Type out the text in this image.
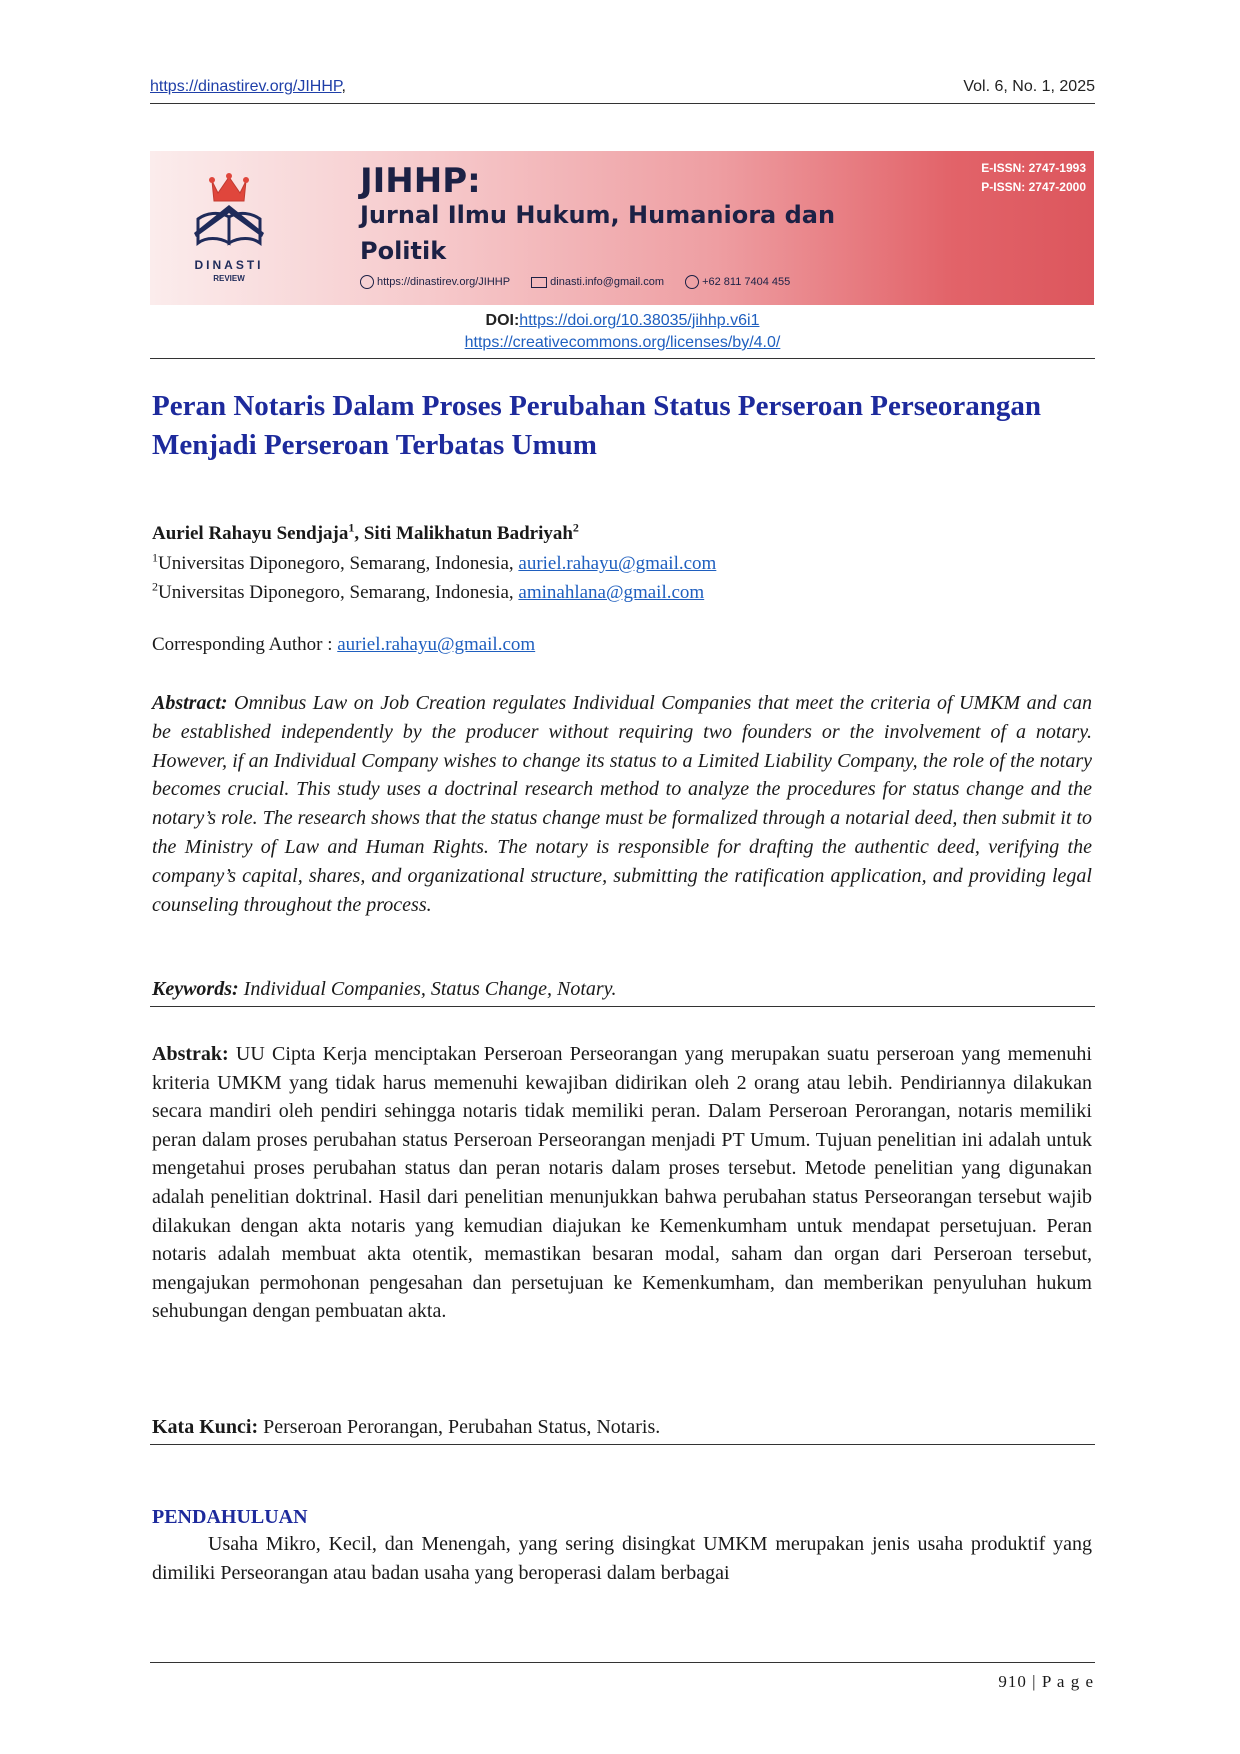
https://dinastirev.org/JIHHP,	Vol. 6, No. 1, 2025
DINASTI
REVIEW
JIHHP:
Jurnal Ilmu Hukum, Humaniora dan Politik
E-ISSN: 2747-1993
P-ISSN: 2747-2000
https://dinastirev.org/JIHHP	dinasti.info@gmail.com	+62 811 7404 455
DOI:https://doi.org/10.38035/jihhp.v6i1
https://creativecommons.org/licenses/by/4.0/
Peran Notaris Dalam Proses Perubahan Status Perseroan Perseorangan Menjadi Perseroan Terbatas Umum
Auriel Rahayu Sendjaja$^1$, Siti Malikhatun Badriyah$^2$
$^1$Universitas Diponegoro, Semarang, Indonesia, auriel.rahayu@gmail.com
$^2$Universitas Diponegoro, Semarang, Indonesia, aminahlana@gmail.com
Corresponding Author : auriel.rahayu@gmail.com

Abstract: Omnibus Law on Job Creation regulates Individual Companies that meet the criteria of UMKM and can be established independently by the producer without requiring two founders or the involvement of a notary. However, if an Individual Company wishes to change its status to a Limited Liability Company, the role of the notary becomes crucial. This study uses a doctrinal research method to analyze the procedures for status change and the notary’s role. The research shows that the status change must be formalized through a notarial deed, then submit it to the Ministry of Law and Human Rights. The notary is responsible for drafting the authentic deed, verifying the company’s capital, shares, and organizational structure, submitting the ratification application, and providing legal counseling throughout the process.

Keywords: Individual Companies, Status Change, Notary.

Abstrak: UU Cipta Kerja menciptakan Perseroan Perseorangan yang merupakan suatu perseroan yang memenuhi kriteria UMKM yang tidak harus memenuhi kewajiban didirikan oleh 2 orang atau lebih. Pendiriannya dilakukan secara mandiri oleh pendiri sehingga notaris tidak memiliki peran. Dalam Perseroan Perorangan, notaris memiliki peran dalam proses perubahan status Perseroan Perseorangan menjadi PT Umum. Tujuan penelitian ini adalah untuk mengetahui proses perubahan status dan peran notaris dalam proses tersebut. Metode penelitian yang digunakan adalah penelitian doktrinal. Hasil dari penelitian menunjukkan bahwa perubahan status Perseorangan tersebut wajib dilakukan dengan akta notaris yang kemudian diajukan ke Kemenkumham untuk mendapat persetujuan. Peran notaris adalah membuat akta otentik, memastikan besaran modal, saham dan organ dari Perseroan tersebut, mengajukan permohonan pengesahan dan persetujuan ke Kemenkumham, dan memberikan penyuluhan hukum sehubungan dengan pembuatan akta.

Kata Kunci: Perseroan Perorangan, Perubahan Status, Notaris.

PENDAHULUAN

Usaha Mikro, Kecil, dan Menengah, yang sering disingkat UMKM merupakan jenis usaha produktif yang dimiliki Perseorangan atau badan usaha yang beroperasi dalam berbagai

910 | P a g e
